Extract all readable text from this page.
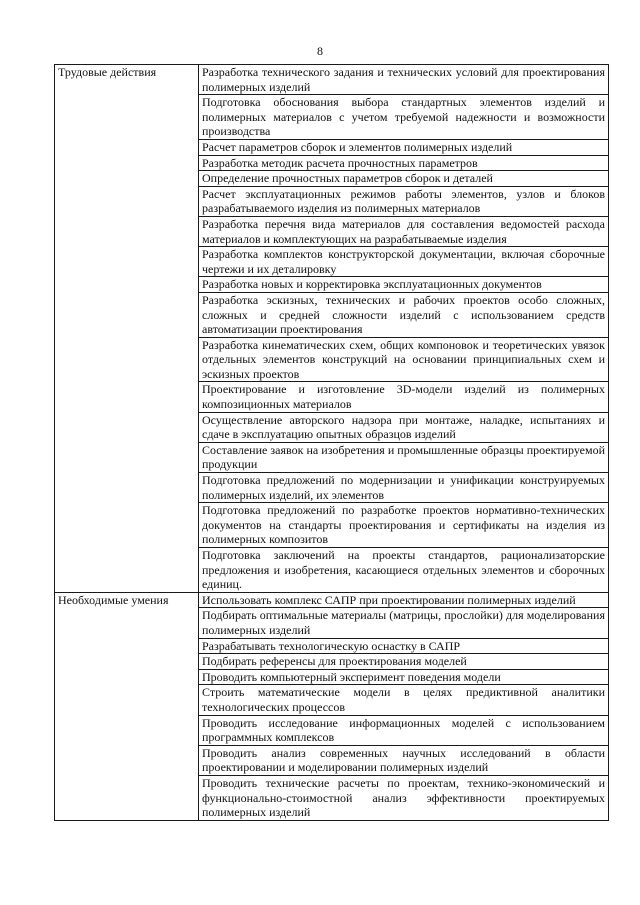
8
Трудовые действия	Разработка технического задания и технических условий для проектирования полимерных изделий
	Подготовка обоснования выбора стандартных элементов изделий и полимерных материалов с учетом требуемой надежности и возможности производства
	Расчет параметров сборок и элементов полимерных изделий
	Разработка методик расчета прочностных параметров
	Определение прочностных параметров сборок и деталей
	Расчет эксплуатационных режимов работы элементов, узлов и блоков разрабатываемого изделия из полимерных материалов
	Разработка перечня вида материалов для составления ведомостей расхода материалов и комплектующих на разрабатываемые изделия
	Разработка комплектов конструкторской документации, включая сборочные чертежи и их деталировку
	Разработка новых и корректировка эксплуатационных документов
	Разработка эскизных, технических и рабочих проектов особо сложных, сложных и средней сложности изделий с использованием средств автоматизации проектирования
	Разработка кинематических схем, общих компоновок и теоретических увязок отдельных элементов конструкций на основании принципиальных схем и эскизных проектов
	Проектирование и изготовление 3D-модели изделий из полимерных композиционных материалов
	Осуществление авторского надзора при монтаже, наладке, испытаниях и сдаче в эксплуатацию опытных образцов изделий
	Составление заявок на изобретения и промышленные образцы проектируемой продукции
	Подготовка предложений по модернизации и унификации конструируемых полимерных изделий, их элементов
	Подготовка предложений по разработке проектов нормативно-технических документов на стандарты проектирования и сертификаты на изделия из полимерных композитов
	Подготовка заключений на проекты стандартов, рационализаторские предложения и изобретения, касающиеся отдельных элементов и сборочных единиц.
Необходимые умения	Использовать комплекс САПР при проектировании полимерных изделий
	Подбирать оптимальные материалы (матрицы, прослойки) для моделирования полимерных изделий
	Разрабатывать технологическую оснастку в САПР
	Подбирать референсы для проектирования моделей
	Проводить компьютерный эксперимент поведения модели
	Строить математические модели в целях предиктивной аналитики технологических процессов
	Проводить исследование информационных моделей с использованием программных комплексов
	Проводить анализ современных научных исследований в области проектировании и моделировании полимерных изделий
	Проводить технические расчеты по проектам, технико-экономический и функционально-стоимостной анализ эффективности проектируемых полимерных изделий
